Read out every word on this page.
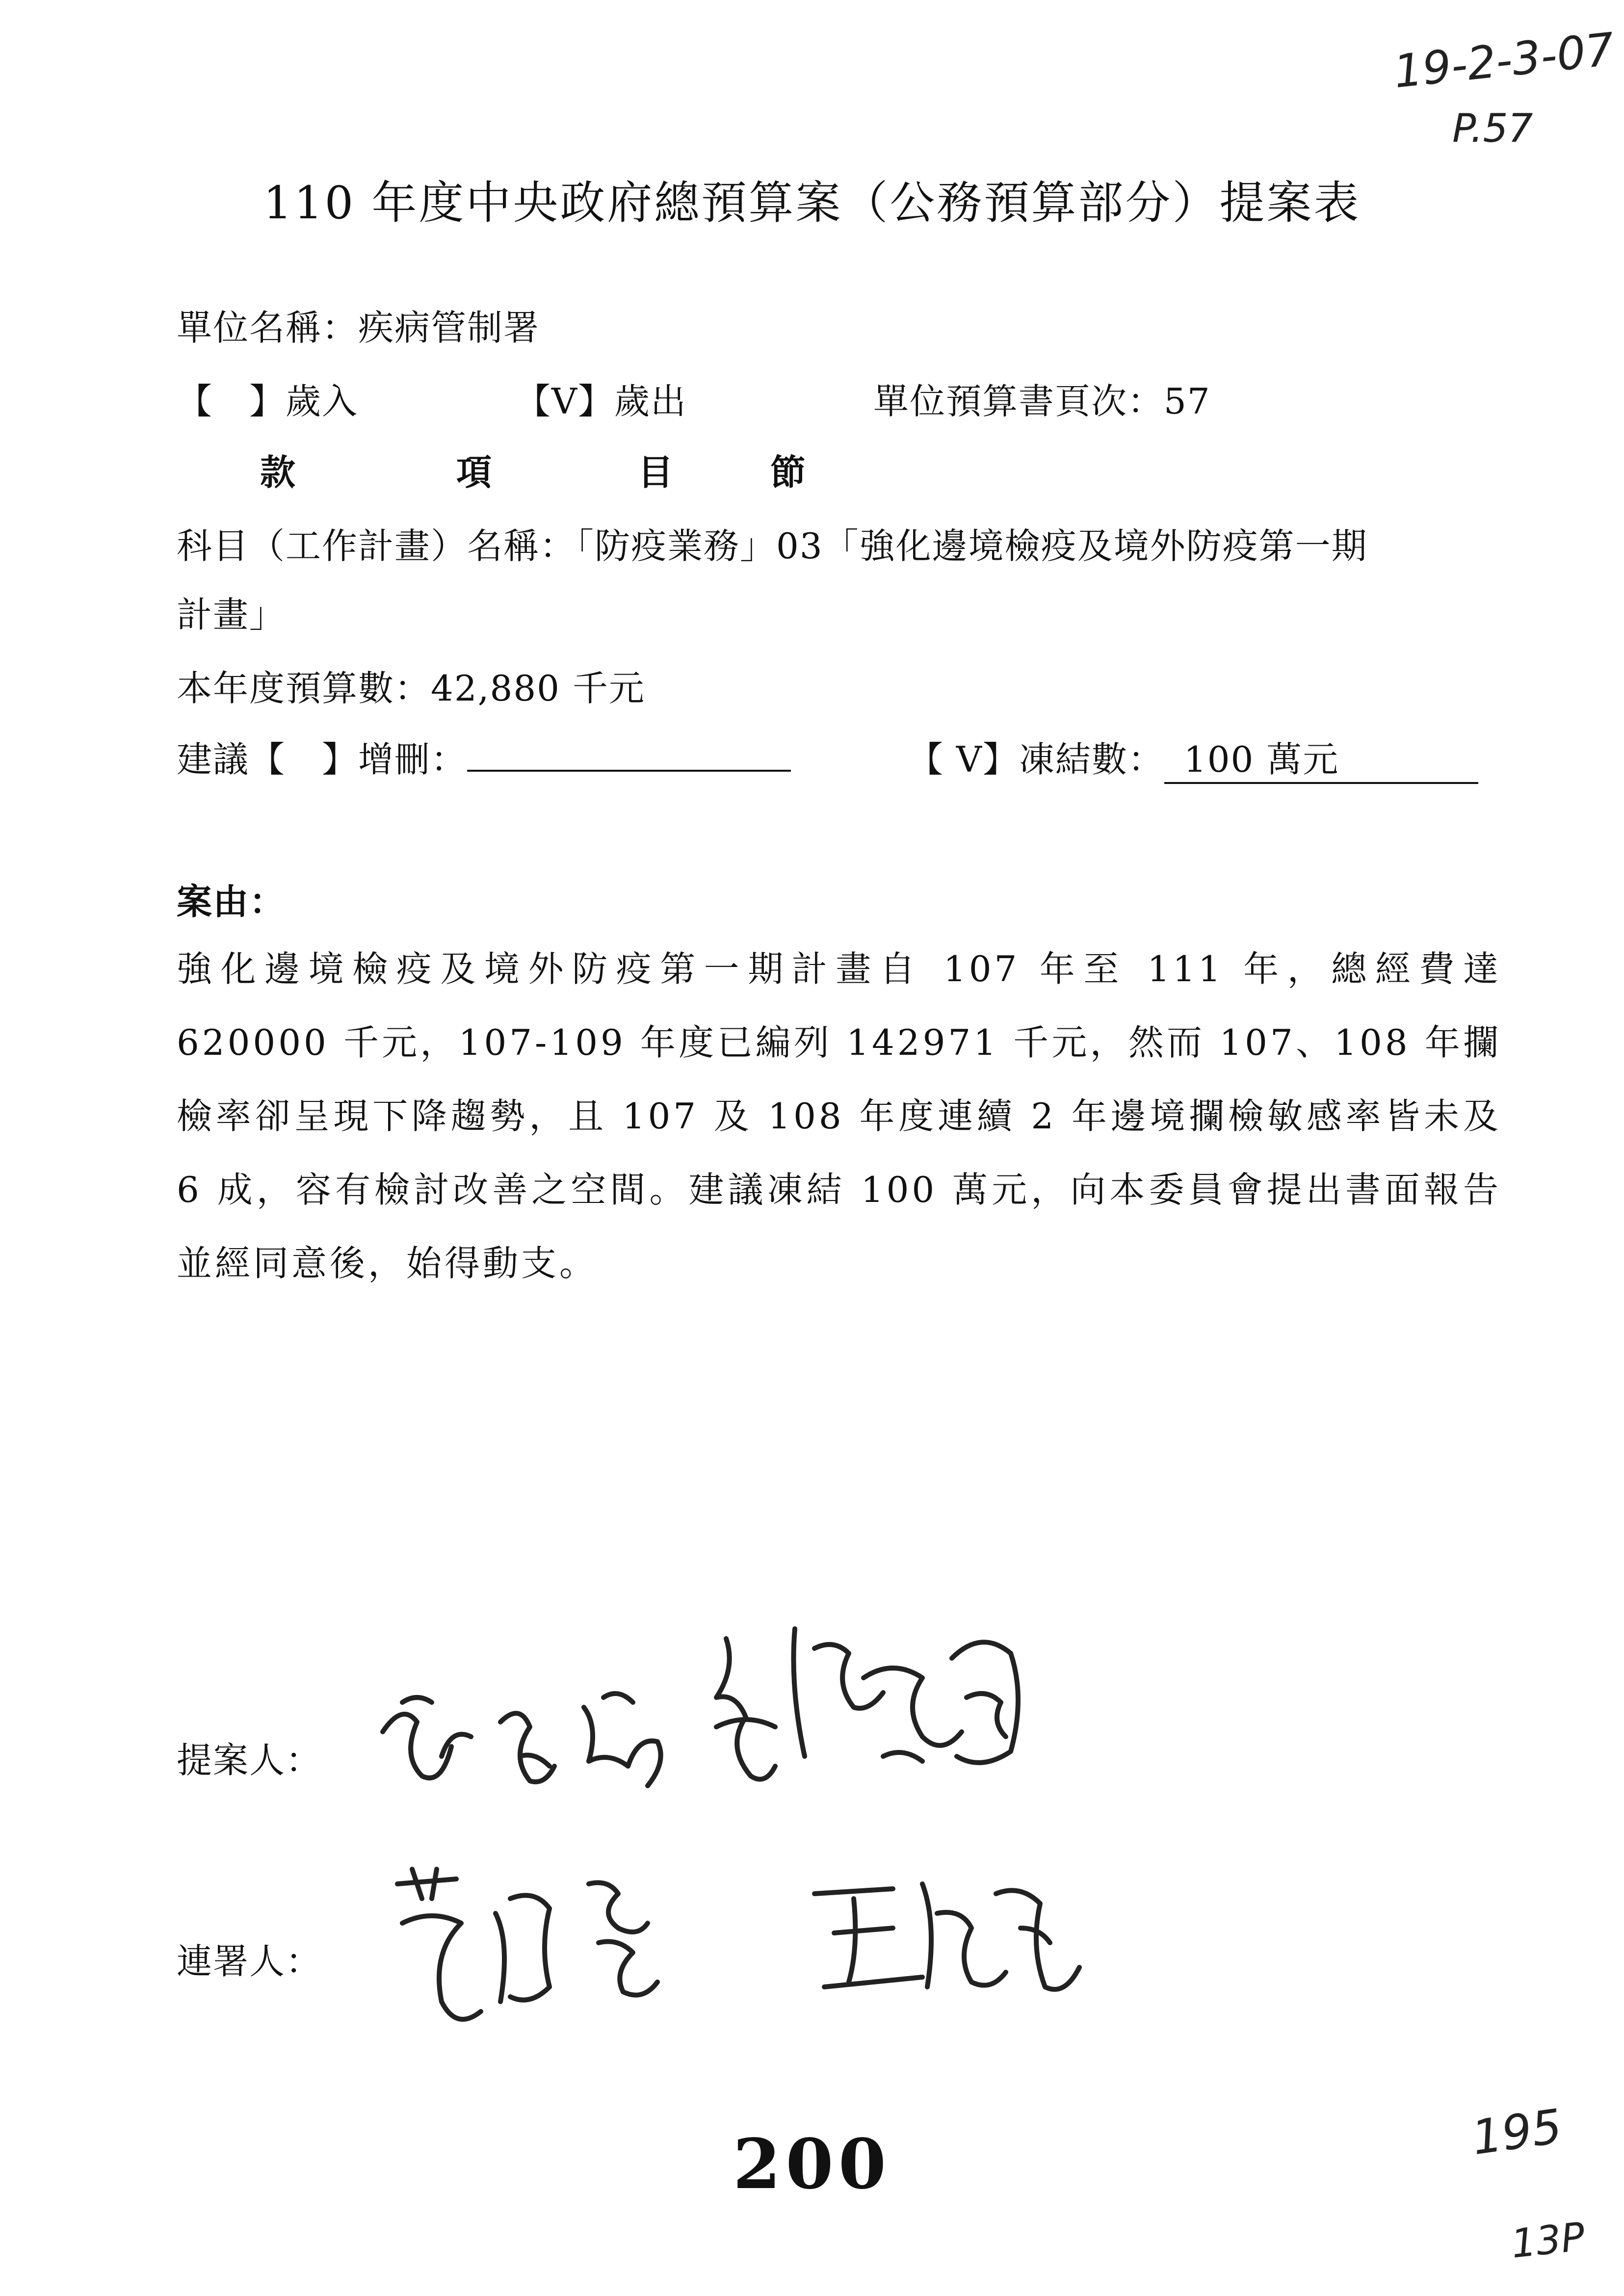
19-2-3-07
P.57
110 年度中央政府總預算案（公務預算部分）提案表
單位名稱：疾病管制署
【　】歲入	【V】歲出	單位預算書頁次：57
款	項	目	節
科目（工作計畫）名稱：「防疫業務」03「強化邊境檢疫及境外防疫第一期
計畫」
本年度預算數：42,880 千元
建議【　】增刪：	【 V】凍結數： 100 萬元
案由：
強化邊境檢疫及境外防疫第一期計畫自 107 年至 111 年，總經費達 620000 千元，107-109 年度已編列 142971 千元，然而 107、108 年攔檢率卻呈現下降趨勢，且 107 及 108 年度連續 2 年邊境攔檢敏感率皆未及 6 成，容有檢討改善之空間。建議凍結 100 萬元，向本委員會提出書面報告並經同意後，始得動支。
提案人：
連署人：
200	195
13P
